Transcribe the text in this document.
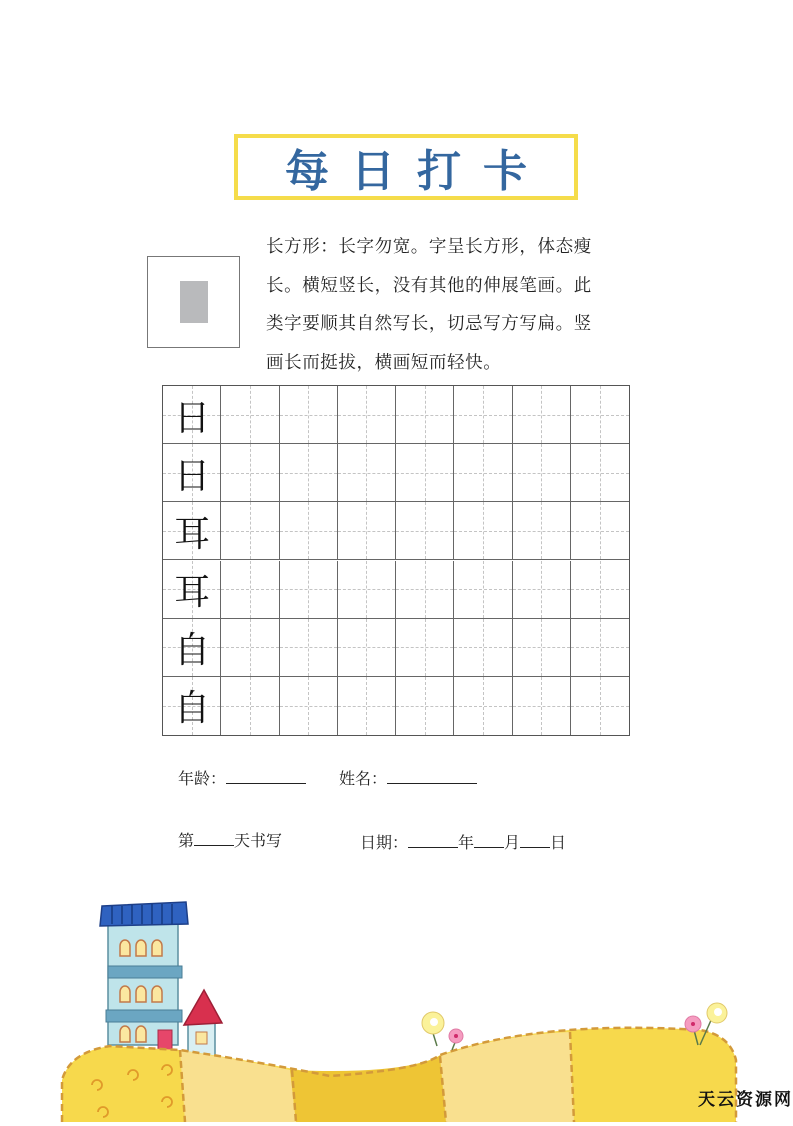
每日打卡
长方形：长字勿宽。字呈长方形，体态瘦
长。横短竖长，没有其他的伸展笔画。此
类字要顺其自然写长，切忌写方写扁。竖
画长而挺拔，横画短而轻快。
日
日
耳
耳
自
自
年龄：	姓名：
第	天书写	日期：	年 月 日
天云资源网
